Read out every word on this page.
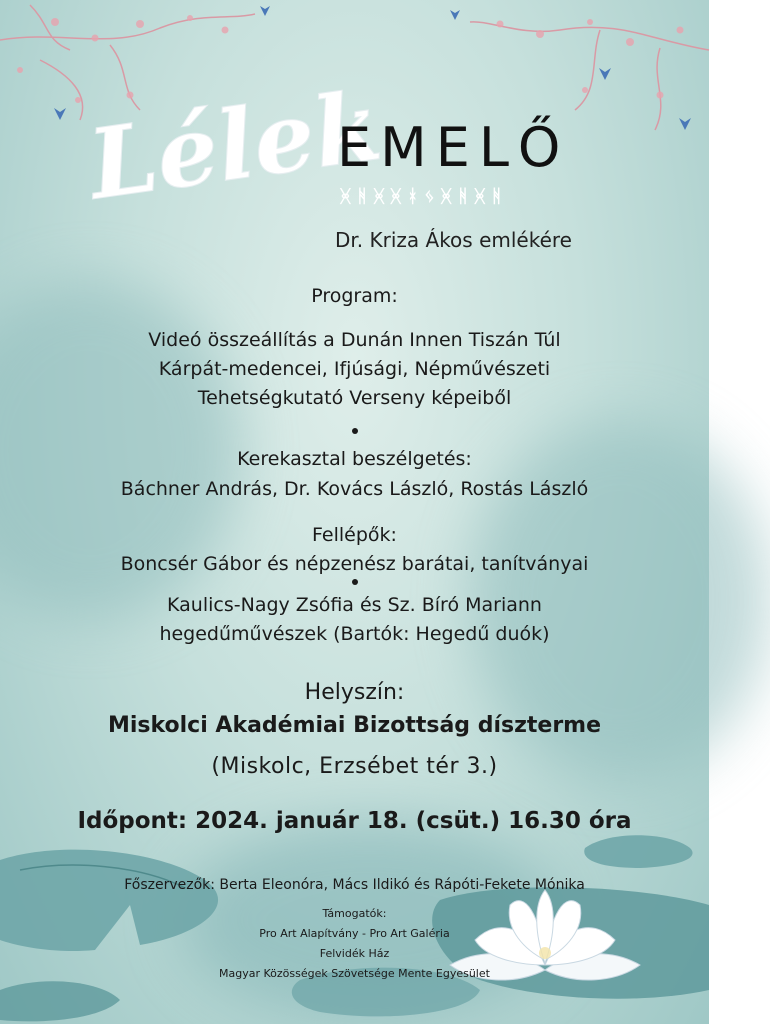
Lélek
EMELŐ
ᚸᚻᚸᚸᚼᛃᚸᚻᚸᚻ
Dr. Kriza Ákos emlékére
Program:
Videó összeállítás a Dunán Innen Tiszán Túl
Kárpát-medencei, Ifjúsági, Népművészeti
Tehetségkutató Verseny képeiből
Kerekasztal beszélgetés:
Báchner András, Dr. Kovács László, Rostás László
Fellépők:
Boncsér Gábor és népzenész barátai, tanítványai
Kaulics-Nagy Zsófia és Sz. Bíró Mariann
hegedűművészek (Bartók: Hegedű duók)
Helyszín:
Miskolci Akadémiai Bizottság díszterme
(Miskolc, Erzsébet tér 3.)
Időpont: 2024. január 18. (csüt.) 16.30 óra
Főszervezők: Berta Eleonóra, Mács Ildikó és Rápóti-Fekete Mónika
Támogatók:
Pro Art Alapítvány - Pro Art Galéria
Felvidék Ház
Magyar Közösségek Szövetsége Mente Egyesület
